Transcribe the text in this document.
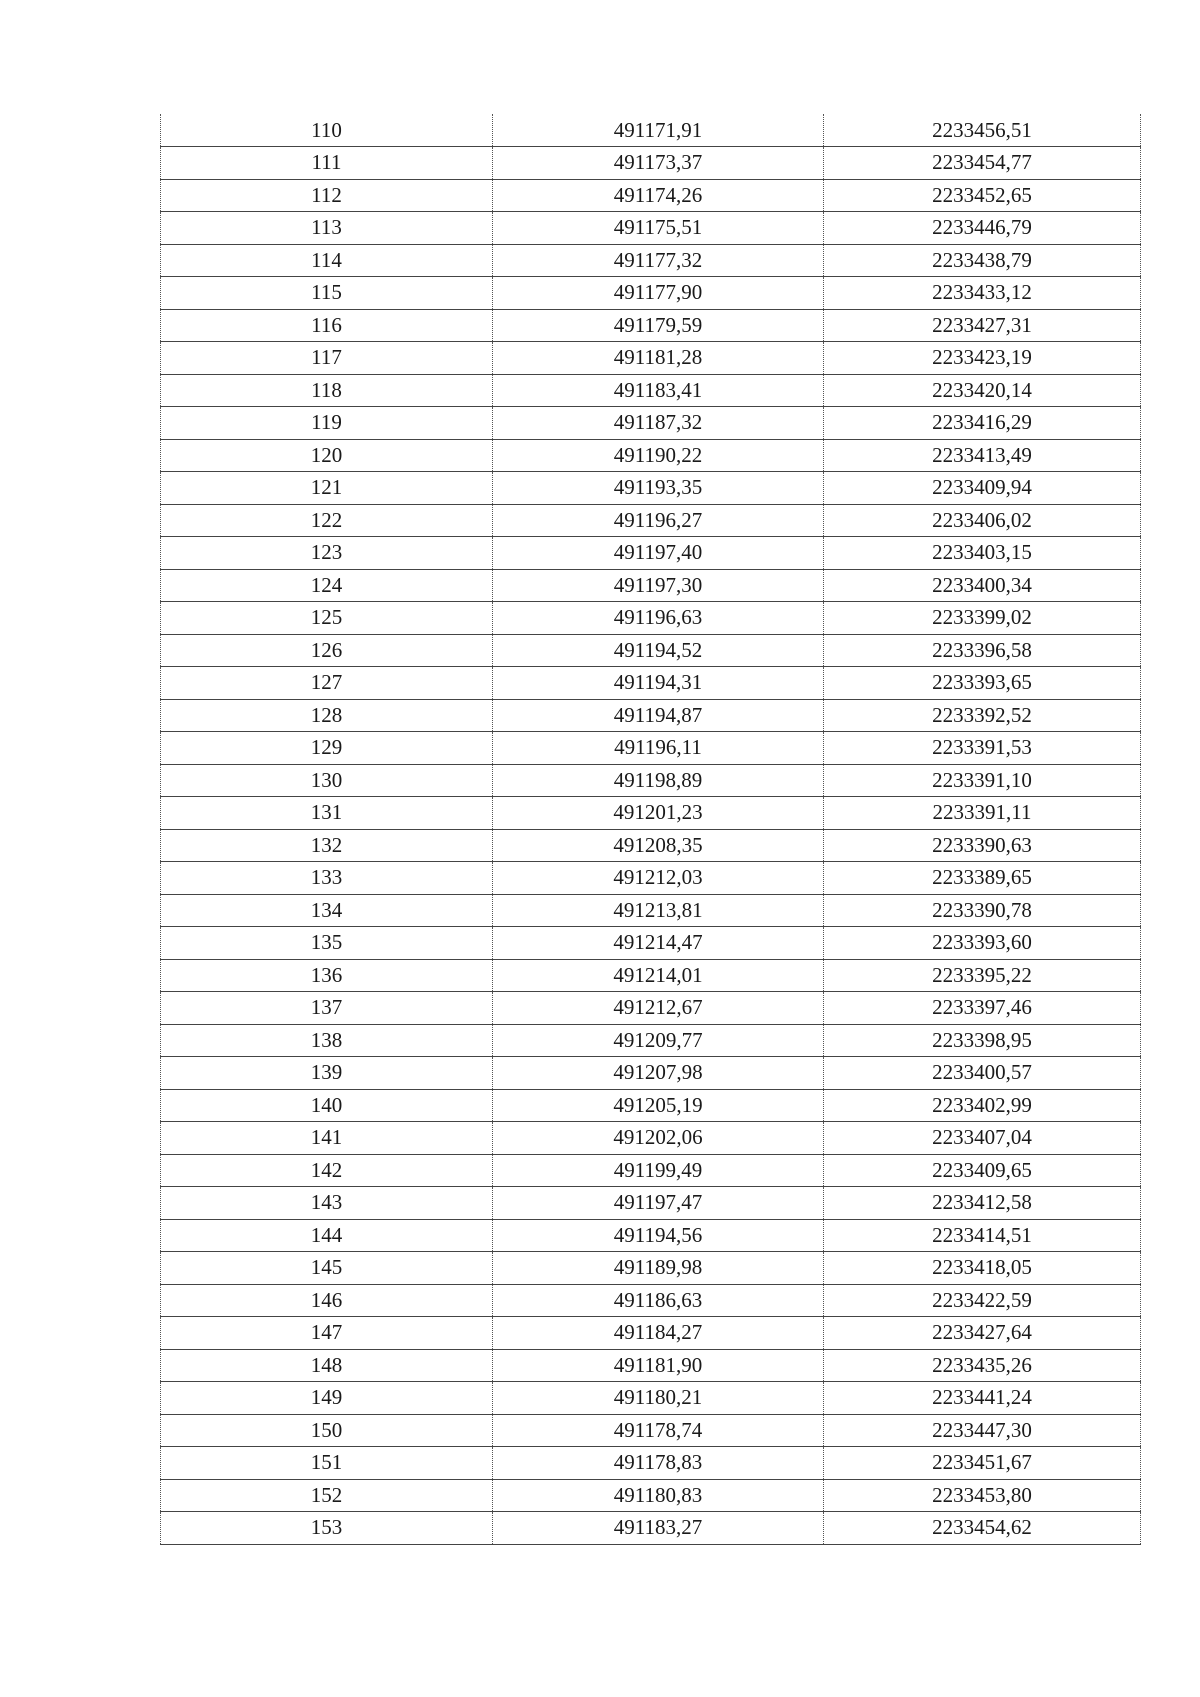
110	491171,91	2233456,51
111	491173,37	2233454,77
112	491174,26	2233452,65
113	491175,51	2233446,79
114	491177,32	2233438,79
115	491177,90	2233433,12
116	491179,59	2233427,31
117	491181,28	2233423,19
118	491183,41	2233420,14
119	491187,32	2233416,29
120	491190,22	2233413,49
121	491193,35	2233409,94
122	491196,27	2233406,02
123	491197,40	2233403,15
124	491197,30	2233400,34
125	491196,63	2233399,02
126	491194,52	2233396,58
127	491194,31	2233393,65
128	491194,87	2233392,52
129	491196,11	2233391,53
130	491198,89	2233391,10
131	491201,23	2233391,11
132	491208,35	2233390,63
133	491212,03	2233389,65
134	491213,81	2233390,78
135	491214,47	2233393,60
136	491214,01	2233395,22
137	491212,67	2233397,46
138	491209,77	2233398,95
139	491207,98	2233400,57
140	491205,19	2233402,99
141	491202,06	2233407,04
142	491199,49	2233409,65
143	491197,47	2233412,58
144	491194,56	2233414,51
145	491189,98	2233418,05
146	491186,63	2233422,59
147	491184,27	2233427,64
148	491181,90	2233435,26
149	491180,21	2233441,24
150	491178,74	2233447,30
151	491178,83	2233451,67
152	491180,83	2233453,80
153	491183,27	2233454,62
